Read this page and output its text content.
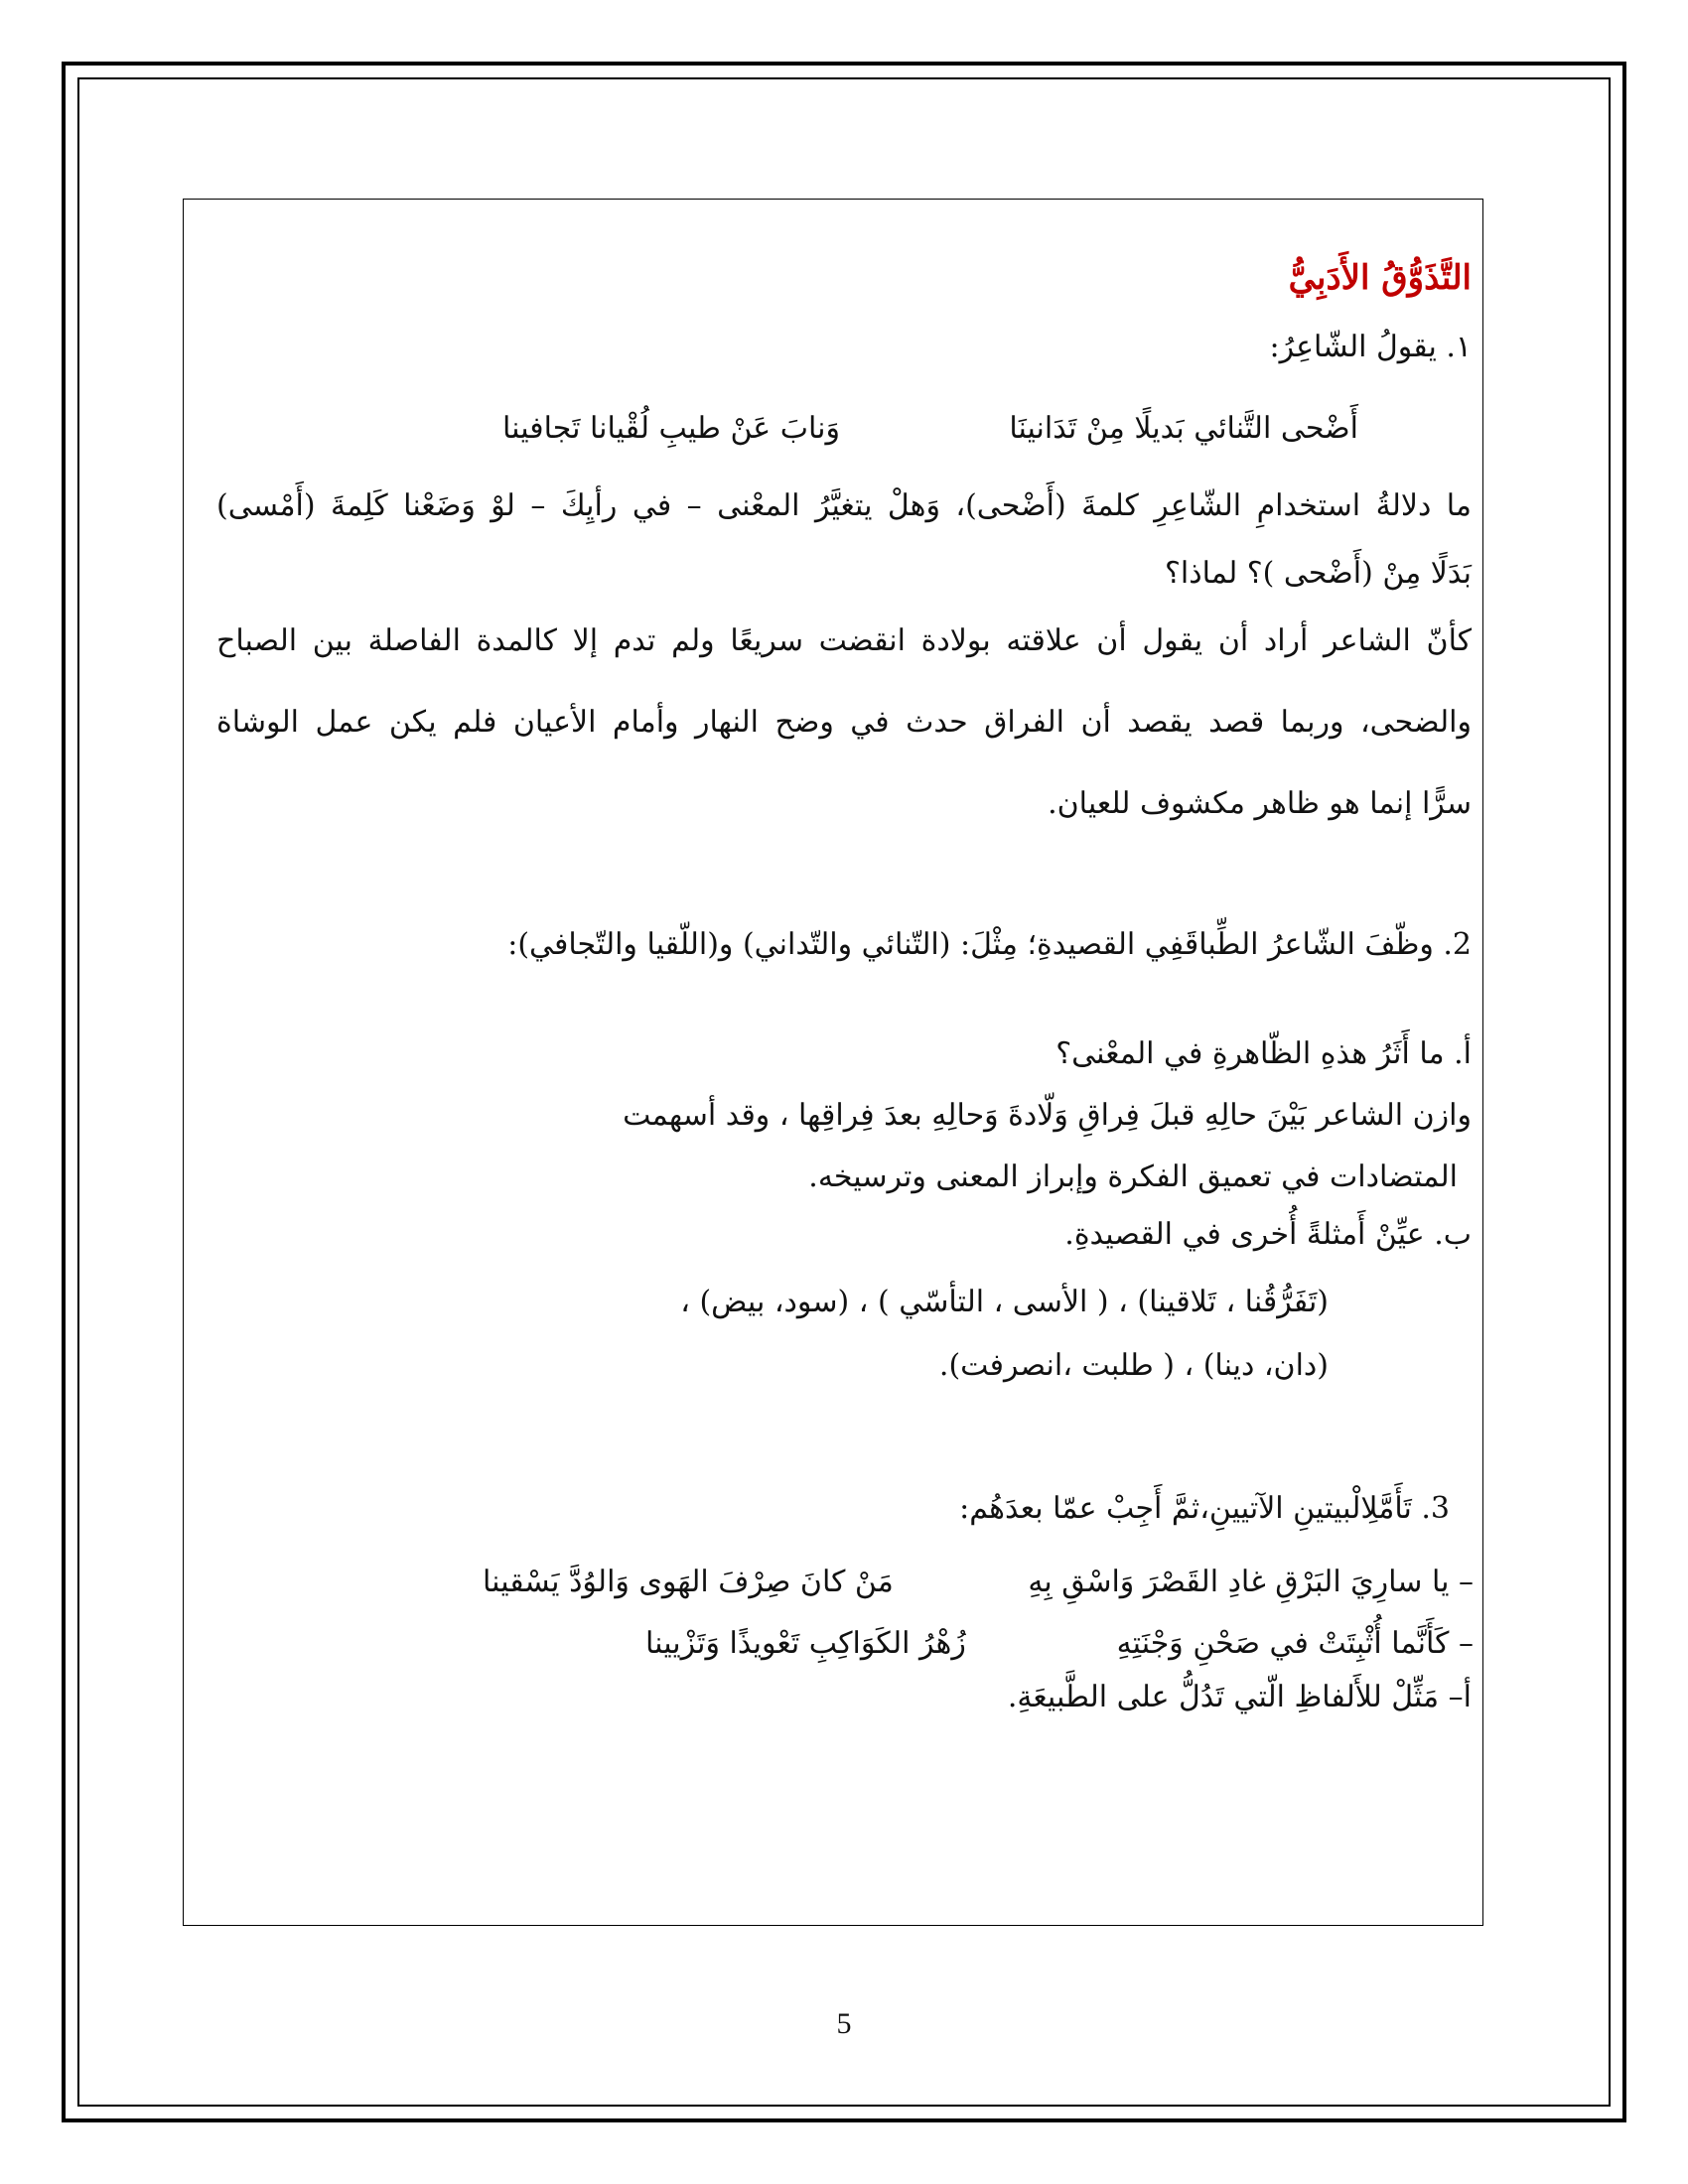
التَّذَوُّقُ الأَدَبِيُّ
١. يقولُ الشّاعِرُ:
أَضْحى التَّنائي بَديلًا مِنْ تَدَانينَا
وَنابَ عَنْ طيبِ لُقْيانا تَجافينا
ما دلالةُ استخدامِ الشّاعِرِ كلمةَ (أَضْحى)، وَهلْ يتغيَّرُ المعْنى – في رأيِكَ – لوْ وَضَعْنا كَلِمةَ (أَمْسى)
بَدَلًا مِنْ (أَضْحى )؟ لماذا؟
كأنّ الشاعر أراد أن يقول أن علاقته بولادة انقضت سريعًا ولم تدم إلا كالمدة الفاصلة بين الصباح
والضحى، وربما قصد يقصد أن الفراق حدث في وضح النهار وأمام الأعيان فلم يكن عمل الوشاة
سرًّا إنما هو ظاهر مكشوف للعيان.
2. وظّفَ الشّاعرُ الطِّباقَفِي القصيدةِ؛ مِثْلَ: (التّنائي والتّداني) و(اللّقيا والتّجافي):
أ. ما أَثَرُ هذهِ الظّاهرةِ في المعْنى؟
وازن الشاعر بَيْنَ حالِهِ قبلَ فِراقِ وَلّادةَ وَحالِهِ بعدَ فِراقِها ، وقد أسهمت
المتضادات في تعميق الفكرة وإبراز المعنى وترسيخه.
ب. عيِّنْ أَمثلةً أُخرى في القصيدةِ.
(تَفَرُّقُنا ، تَلاقينا) ، ( الأسى ، التأسّي ) ، (سود، بيض) ،
(دان، دينا) ، ( طلبت ،انصرفت).
3. تَأَمَّلِالْبيتينِ الآتيينِ،ثمَّ أَجِبْ عمّا بعدَهُم:
– يا سارِيَ البَرْقِ غادِ القَصْرَ وَاسْقِ بِهِ
مَنْ كانَ صِرْفَ الهَوى وَالوُدَّ يَسْقينا
– كَأَنَّما أُثْبِتَتْ في صَحْنِ وَجْنَتِهِ
زُهْرُ الكَوَاكِبِ تَعْويذًا وَتَزْيينا
أ– مَثِّلْ للأَلفاظِ الّتي تَدُلُّ على الطَّبيعَةِ.
5
